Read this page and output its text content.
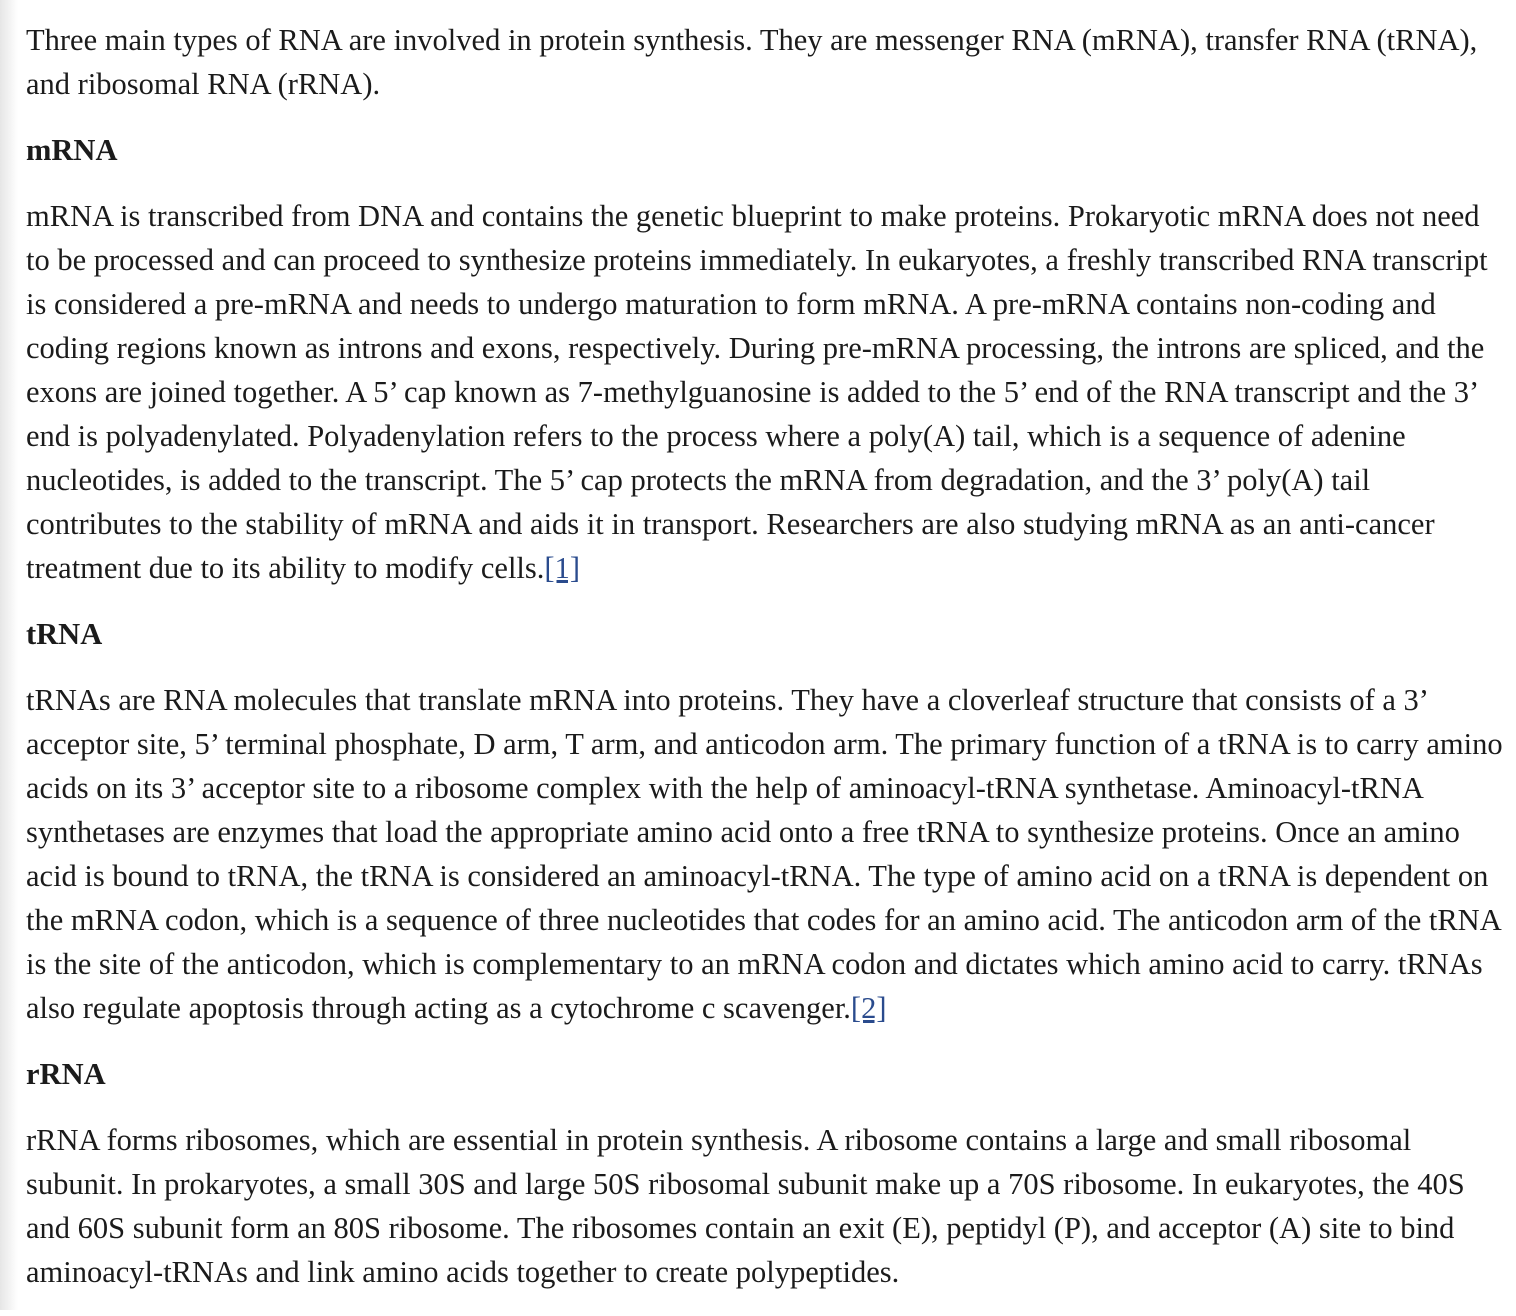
Three main types of RNA are involved in protein synthesis. They are messenger RNA (mRNA), transfer RNA (tRNA), and ribosomal RNA (rRNA).

mRNA

mRNA is transcribed from DNA and contains the genetic blueprint to make proteins. Prokaryotic mRNA does not need to be processed and can proceed to synthesize proteins immediately. In eukaryotes, a freshly transcribed RNA transcript is considered a pre-mRNA and needs to undergo maturation to form mRNA. A pre-mRNA contains non-coding and coding regions known as introns and exons, respectively. During pre-mRNA processing, the introns are spliced, and the exons are joined together. A 5’ cap known as 7-methylguanosine is added to the 5’ end of the RNA transcript and the 3’ end is polyadenylated. Polyadenylation refers to the process where a poly(A) tail, which is a sequence of adenine nucleotides, is added to the transcript. The 5’ cap protects the mRNA from degradation, and the 3’ poly(A) tail contributes to the stability of mRNA and aids it in transport. Researchers are also studying mRNA as an anti-cancer treatment due to its ability to modify cells.[1]

tRNA

tRNAs are RNA molecules that translate mRNA into proteins. They have a cloverleaf structure that consists of a 3’ acceptor site, 5’ terminal phosphate, D arm, T arm, and anticodon arm. The primary function of a tRNA is to carry amino acids on its 3’ acceptor site to a ribosome complex with the help of aminoacyl-tRNA synthetase. Aminoacyl-tRNA synthetases are enzymes that load the appropriate amino acid onto a free tRNA to synthesize proteins. Once an amino acid is bound to tRNA, the tRNA is considered an aminoacyl-tRNA. The type of amino acid on a tRNA is dependent on the mRNA codon, which is a sequence of three nucleotides that codes for an amino acid. The anticodon arm of the tRNA is the site of the anticodon, which is complementary to an mRNA codon and dictates which amino acid to carry. tRNAs also regulate apoptosis through acting as a cytochrome c scavenger.[2]

rRNA

rRNA forms ribosomes, which are essential in protein synthesis. A ribosome contains a large and small ribosomal subunit. In prokaryotes, a small 30S and large 50S ribosomal subunit make up a 70S ribosome. In eukaryotes, the 40S and 60S subunit form an 80S ribosome. The ribosomes contain an exit (E), peptidyl (P), and acceptor (A) site to bind aminoacyl-tRNAs and link amino acids together to create polypeptides.
